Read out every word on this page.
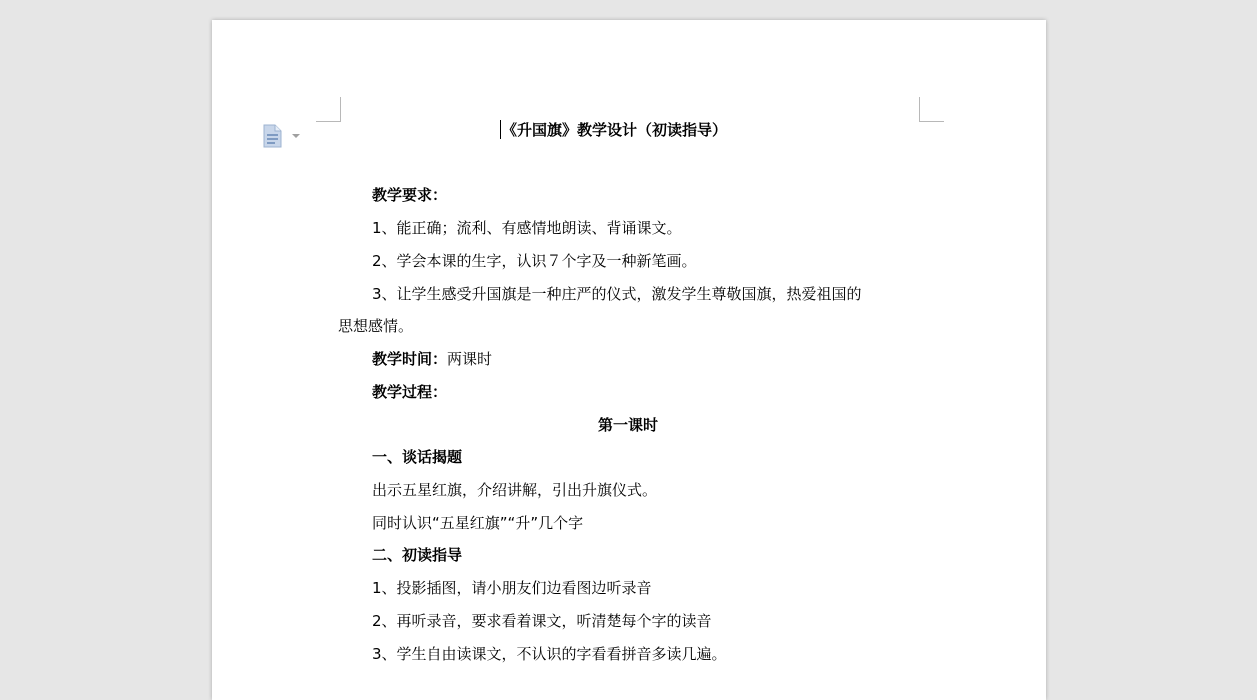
《升国旗》教学设计（初读指导）
教学要求：
1、能正确；流利、有感情地朗读、背诵课文。
2、学会本课的生字，认识７个字及一种新笔画。
3、让学生感受升国旗是一种庄严的仪式，激发学生尊敬国旗，热爱祖国的
思想感情。
教学时间：两课时
教学过程：
第一课时
一、谈话揭题
出示五星红旗，介绍讲解，引出升旗仪式。
同时认识“五星红旗”“升”几个字
二、初读指导
1、投影插图，请小朋友们边看图边听录音
2、再听录音，要求看着课文，听清楚每个字的读音
3、学生自由读课文，不认识的字看看拼音多读几遍。
